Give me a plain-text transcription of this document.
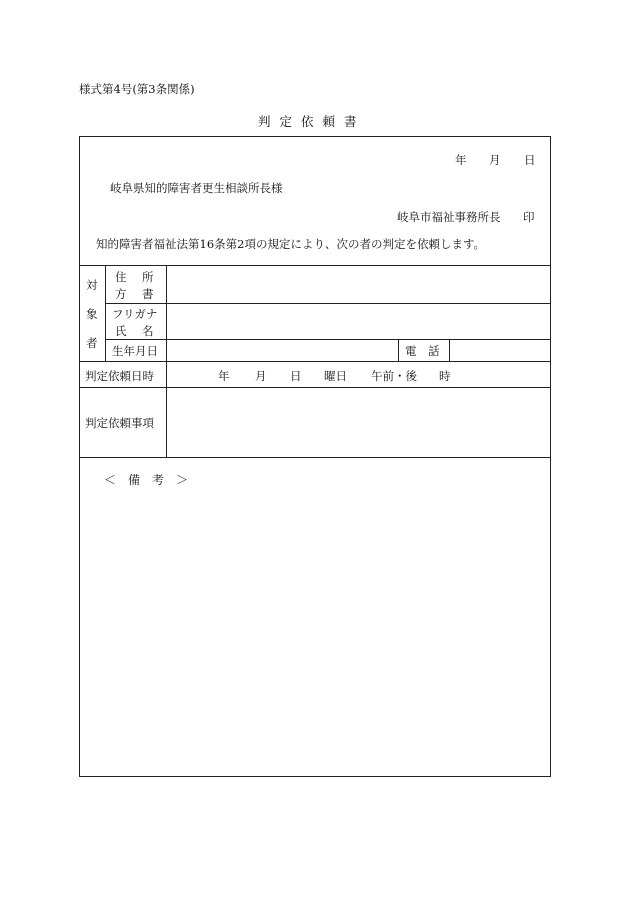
様式第4号(第3条関係)
判定依頼書
年 月 日
岐阜県知的障害者更生相談所長様
岐阜市福祉事務所長 印
知的障害者福祉法第16条第2項の規定により、次の者の判定を依頼します。
対
象
者
住　所
方　書
フリガナ
氏　名
生年月日	電　話
判定依頼日時	年 月 日 曜日 午前・後 時
判定依頼事項
＜　備　考　＞
